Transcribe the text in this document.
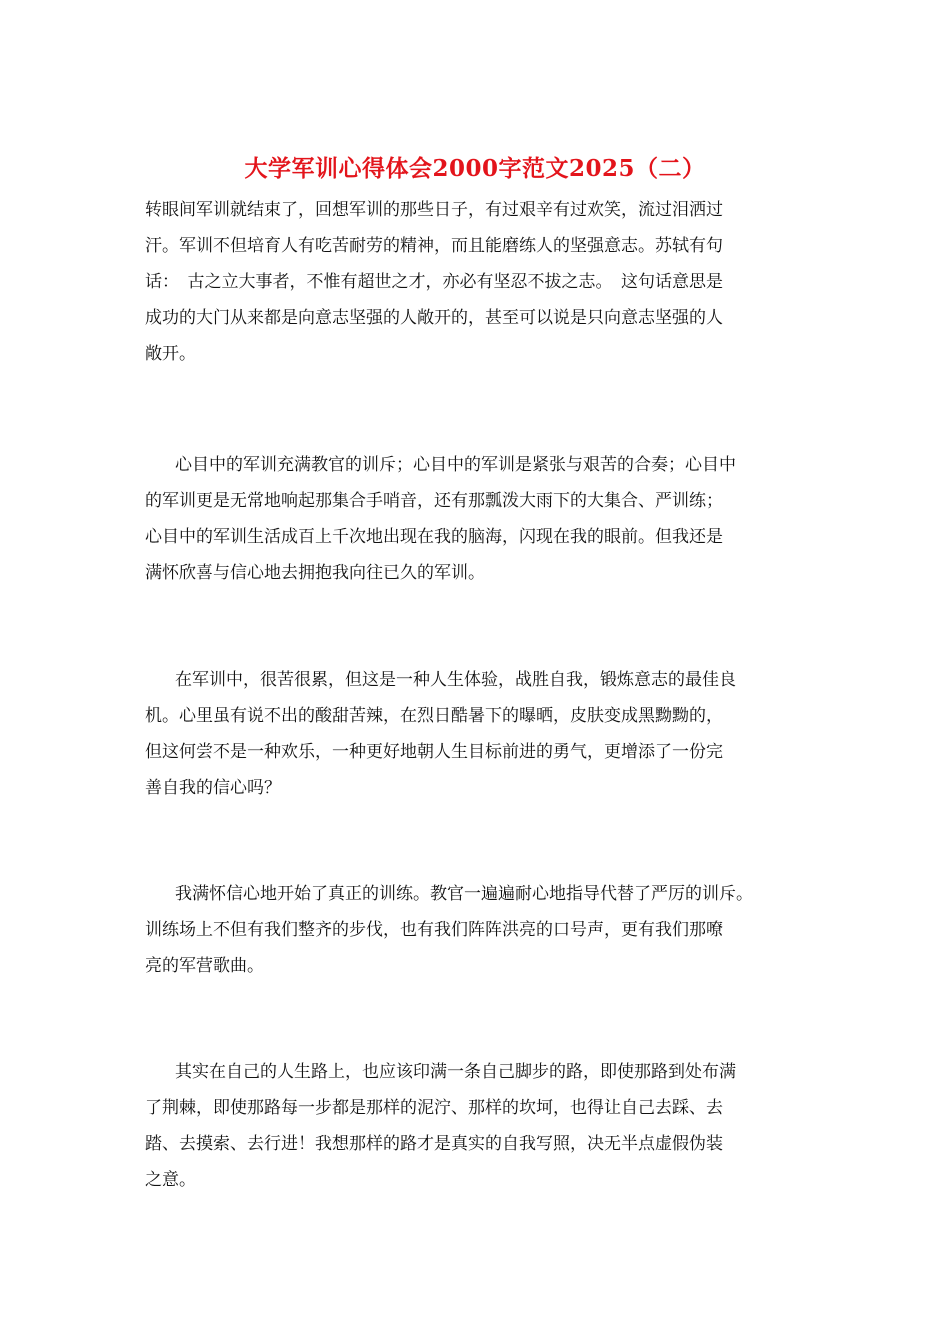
大学军训心得体会2000字范文2025（二）
转眼间军训就结束了，回想军训的那些日子，有过艰辛有过欢笑，流过泪洒过
汗。军训不但培育人有吃苦耐劳的精神，而且能磨练人的坚强意志。苏轼有句
话：　古之立大事者，不惟有超世之才，亦必有坚忍不拔之志。　这句话意思是
成功的大门从来都是向意志坚强的人敞开的，甚至可以说是只向意志坚强的人
敞开。
心目中的军训充满教官的训斥；心目中的军训是紧张与艰苦的合奏；心目中
的军训更是无常地响起那集合手哨音，还有那瓢泼大雨下的大集合、严训练；
心目中的军训生活成百上千次地出现在我的脑海，闪现在我的眼前。但我还是
满怀欣喜与信心地去拥抱我向往已久的军训。
在军训中，很苦很累，但这是一种人生体验，战胜自我，锻炼意志的最佳良
机。心里虽有说不出的酸甜苦辣，在烈日酷暑下的曝晒，皮肤变成黑黝黝的，
但这何尝不是一种欢乐，一种更好地朝人生目标前进的勇气，更增添了一份完
善自我的信心吗？
我满怀信心地开始了真正的训练。教官一遍遍耐心地指导代替了严厉的训斥。
训练场上不但有我们整齐的步伐，也有我们阵阵洪亮的口号声，更有我们那嘹
亮的军营歌曲。
其实在自己的人生路上，也应该印满一条自己脚步的路，即使那路到处布满
了荆棘，即使那路每一步都是那样的泥泞、那样的坎坷，也得让自己去踩、去
踏、去摸索、去行进！我想那样的路才是真实的自我写照，决无半点虚假伪装
之意。
